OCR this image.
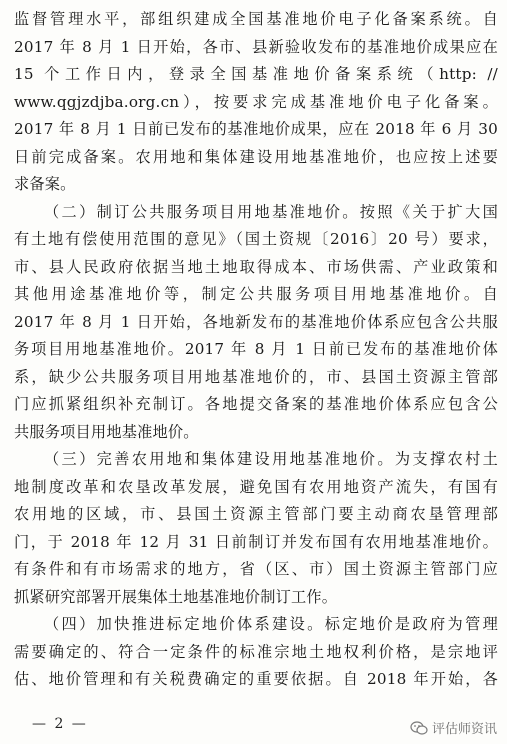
监督管理水平，部组织建成全国基准地价电子化备案系统。自
2017 年 8 月 1 日开始，各市、县新验收发布的基准地价成果应在
15 个工作日内，登录全国基准地价备案系统（http: //
www.qgjzdjba.org.cn），按要求完成基准地价电子化备案。
2017 年 8 月 1 日前已发布的基准地价成果，应在 2018 年 6 月 30
日前完成备案。农用地和集体建设用地基准地价，也应按上述要
求备案。
（二）制订公共服务项目用地基准地价。按照《关于扩大国
有土地有偿使用范围的意见》（国土资规〔2016〕20 号）要求，
市、县人民政府依据当地土地取得成本、市场供需、产业政策和
其他用途基准地价等，制定公共服务项目用地基准地价。自
2017 年 8 月 1 日开始，各地新发布的基准地价体系应包含公共服
务项目用地基准地价。2017 年 8 月 1 日前已发布的基准地价体
系，缺少公共服务项目用地基准地价的，市、县国土资源主管部
门应抓紧组织补充制订。各地提交备案的基准地价体系应包含公
共服务项目用地基准地价。
（三）完善农用地和集体建设用地基准地价。为支撑农村土
地制度改革和农垦改革发展，避免国有农用地资产流失，有国有
农用地的区域，市、县国土资源主管部门要主动商农垦管理部
门，于 2018 年 12 月 31 日前制订并发布国有农用地基准地价。
有条件和有市场需求的地方，省（区、市）国土资源主管部门应
抓紧研究部署开展集体土地基准地价制订工作。
（四）加快推进标定地价体系建设。标定地价是政府为管理
需要确定的、符合一定条件的标准宗地土地权利价格，是宗地评
估、地价管理和有关税费确定的重要依据。自 2018 年开始，各
— 2 —	评估师资讯
